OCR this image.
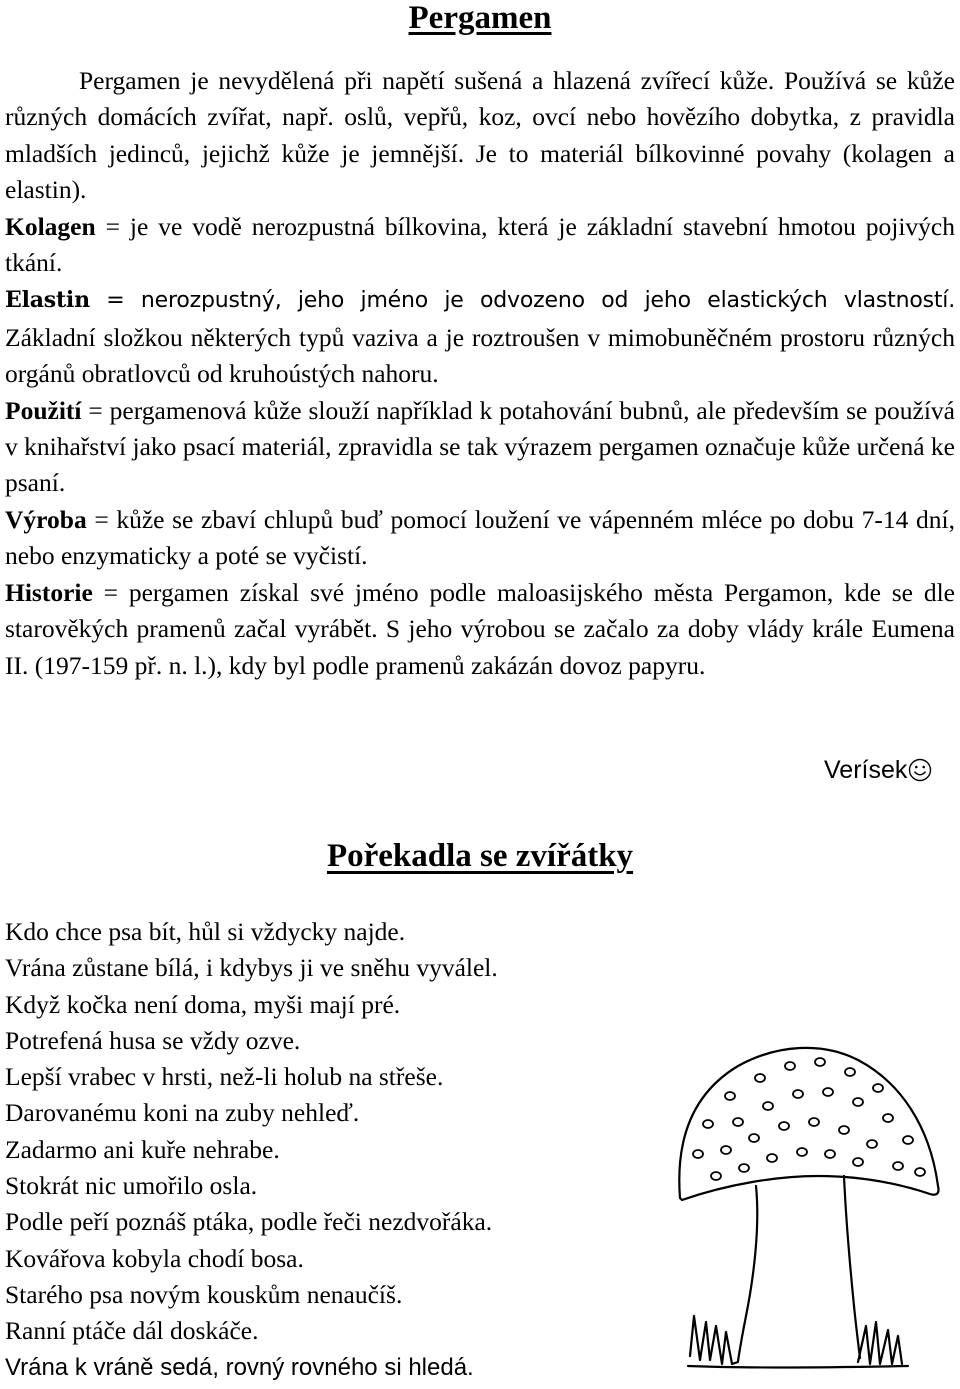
Pergamen

Pergamen je nevydělená při napětí sušená a hlazená zvířecí kůže. Používá se kůže různých domácích zvířat, např. oslů, vepřů, koz, ovcí nebo hovězího dobytka, z pravidla mladších jedinců, jejichž kůže je jemnější. Je to materiál bílkovinné povahy (kolagen a elastin).

Kolagen = je ve vodě nerozpustná bílkovina, která je základní stavební hmotou pojivých tkání.

Elastin = nerozpustný, jeho jméno je odvozeno od jeho elastických vlastností. Základní složkou některých typů vaziva a je roztroušen v mimobuněčném prostoru různých orgánů obratlovců od kruhoústých nahoru.

Použití = pergamenová kůže slouží například k potahování bubnů, ale především se používá v knihařství jako psací materiál, zpravidla se tak výrazem pergamen označuje kůže určená ke psaní.

Výroba = kůže se zbaví chlupů buď pomocí loužení ve vápenném mléce po dobu 7-14 dní, nebo enzymaticky a poté se vyčistí.

Historie = pergamen získal své jméno podle maloasijského města Pergamon, kde se dle starověkých pramenů začal vyrábět. S jeho výrobou se začalo za doby vlády krále Eumena II. (197-159 př. n. l.), kdy byl podle pramenů zakázán dovoz papyru.

Verísek
Pořekadla se zvířátky
Kdo chce psa bít, hůl si vždycky najde.
Vrána zůstane bílá, i kdybys ji ve sněhu vyválel.
Když kočka není doma, myši mají pré.
Potrefená husa se vždy ozve.
Lepší vrabec v hrsti, než-li holub na střeše.
Darovanému koni na zuby nehleď.
Zadarmo ani kuře nehrabe.
Stokrát nic umořilo osla.
Podle peří poznáš ptáka, podle řeči nezdvořáka.
Kovářova kobyla chodí bosa.
Starého psa novým kouskům nenaučíš.
Ranní ptáče dál doskáče.
Vrána k vráně sedá, rovný rovného si hledá.
